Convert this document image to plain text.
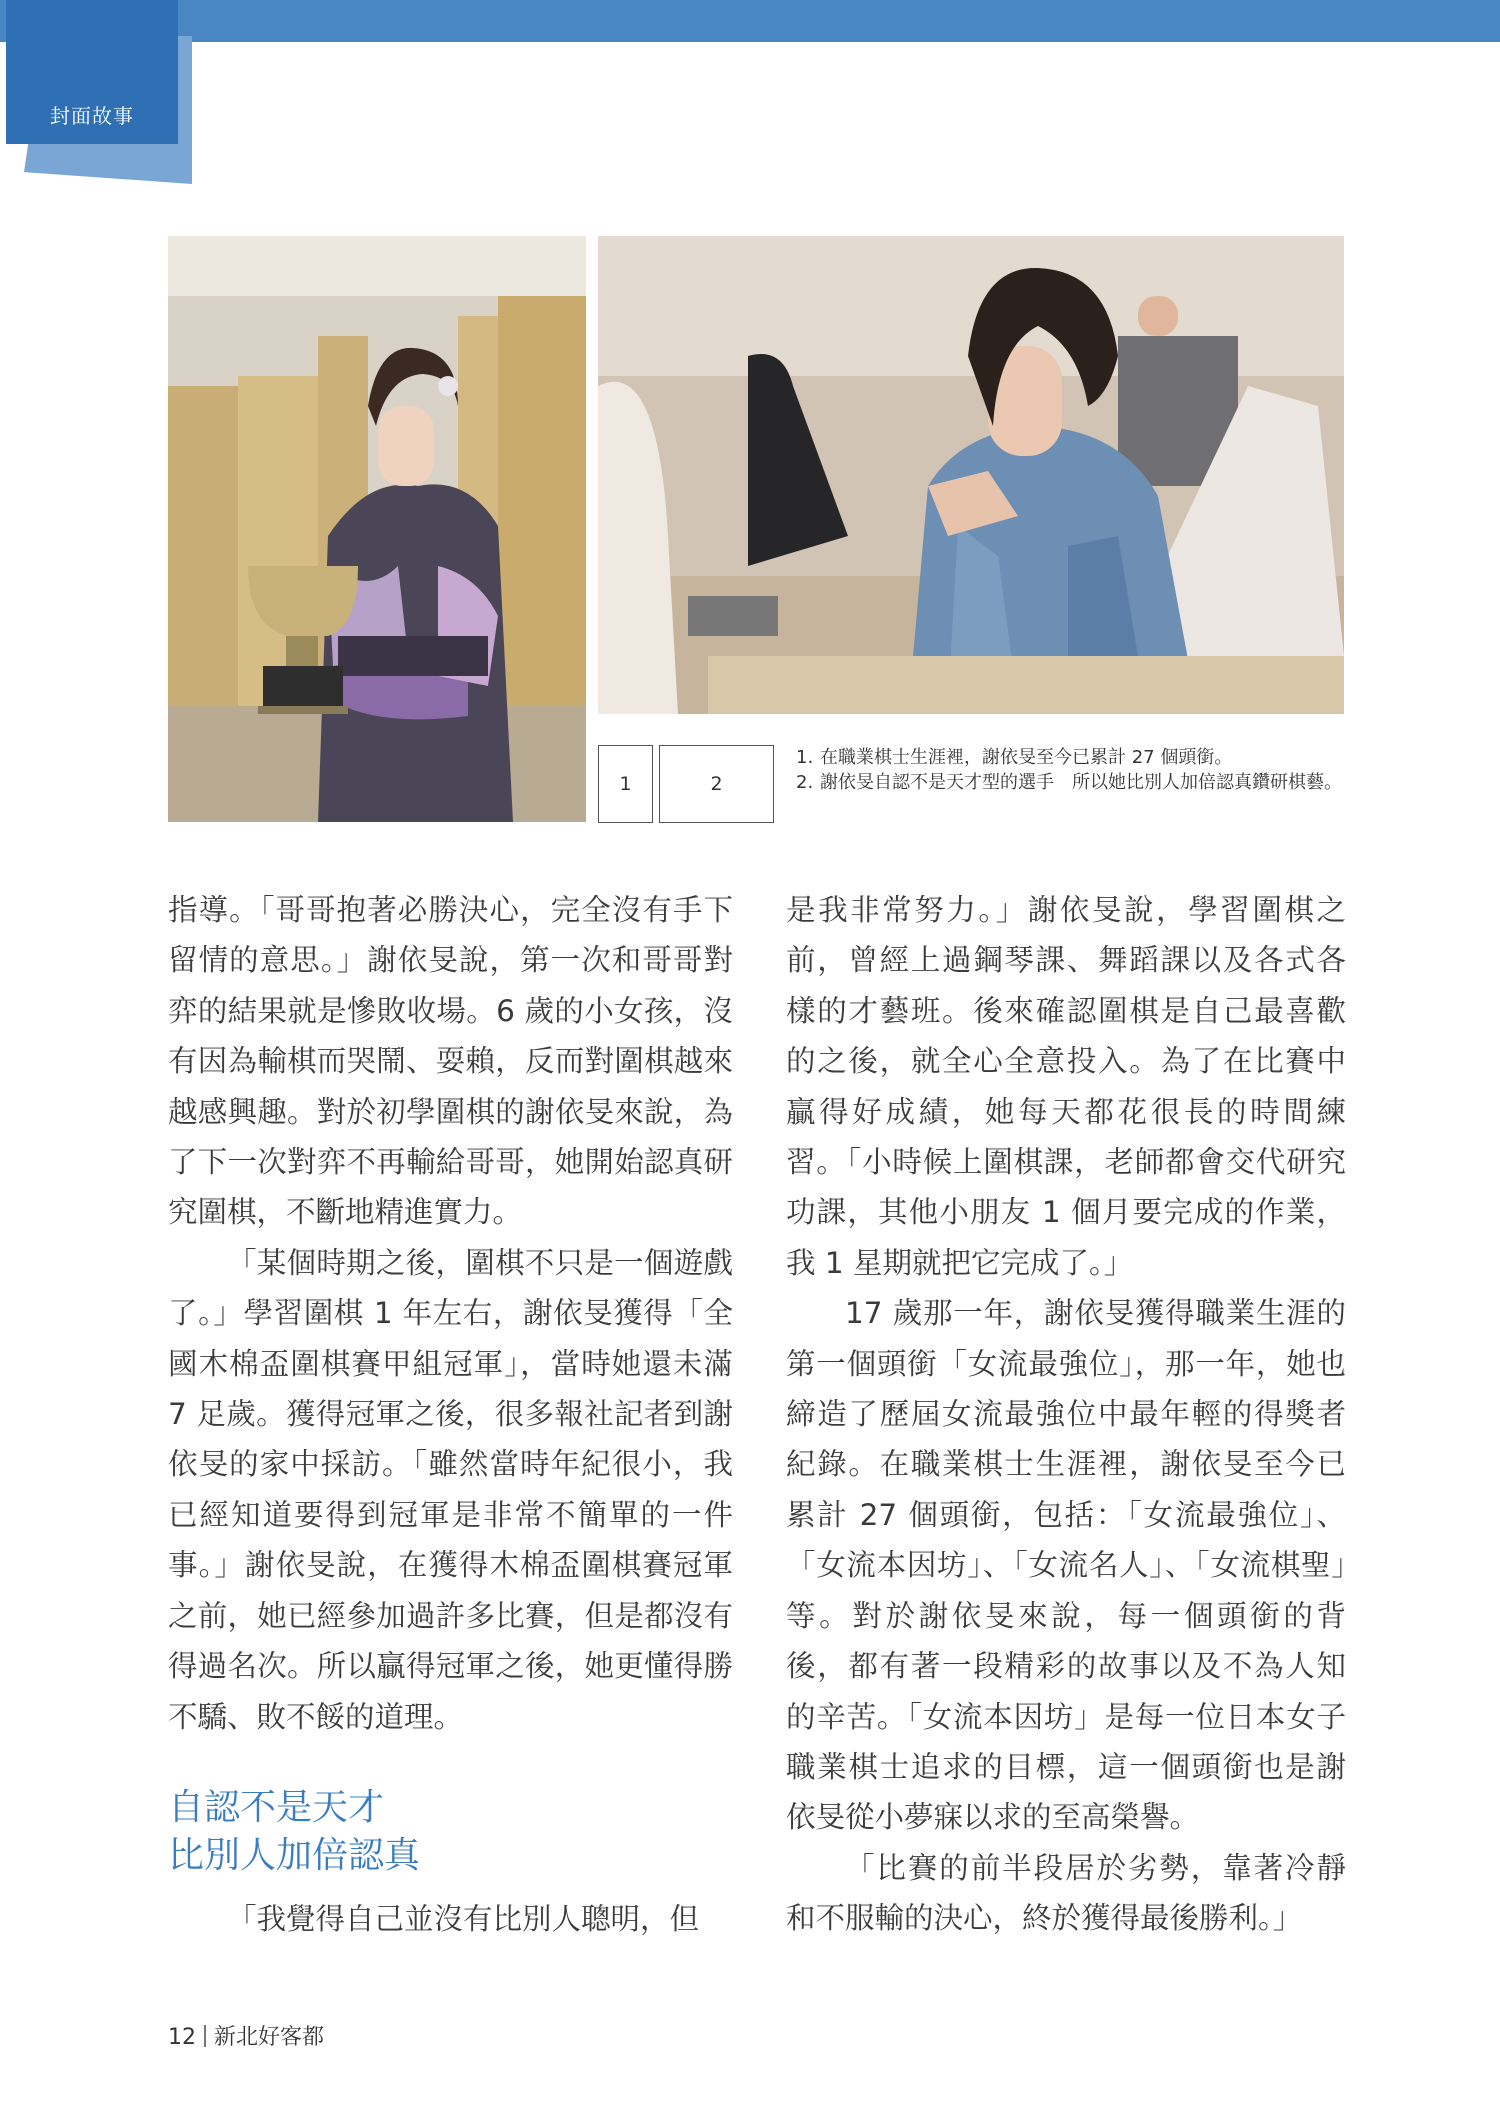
封面故事
1	2
1. 在職業棋士生涯裡，謝依旻至今已累計 27 個頭銜。
2. 謝依旻自認不是天才型的選手　所以她比別人加倍認真鑽研棋藝。

指導。「哥哥抱著必勝決心，完全沒有手下留情的意思。」謝依旻說，第一次和哥哥對弈的結果就是慘敗收場。6 歲的小女孩，沒有因為輸棋而哭鬧、耍賴，反而對圍棋越來越感興趣。對於初學圍棋的謝依旻來說，為了下一次對弈不再輸給哥哥，她開始認真研究圍棋，不斷地精進實力。

「某個時期之後，圍棋不只是一個遊戲了。」學習圍棋 1 年左右，謝依旻獲得「全國木棉盃圍棋賽甲組冠軍」，當時她還未滿 7 足歲。獲得冠軍之後，很多報社記者到謝依旻的家中採訪。「雖然當時年紀很小，我已經知道要得到冠軍是非常不簡單的一件事。」謝依旻說，在獲得木棉盃圍棋賽冠軍之前，她已經參加過許多比賽，但是都沒有得過名次。所以贏得冠軍之後，她更懂得勝不驕、敗不餒的道理。

自認不是天才
比別人加倍認真

「我覺得自己並沒有比別人聰明，但

是我非常努力。」謝依旻說，學習圍棋之前，曾經上過鋼琴課、舞蹈課以及各式各樣的才藝班。後來確認圍棋是自己最喜歡的之後，就全心全意投入。為了在比賽中贏得好成績，她每天都花很長的時間練習。「小時候上圍棋課，老師都會交代研究功課，其他小朋友 1 個月要完成的作業，我 1 星期就把它完成了。」

17 歲那一年，謝依旻獲得職業生涯的第一個頭銜「女流最強位」，那一年，她也締造了歷屆女流最強位中最年輕的得獎者紀錄。在職業棋士生涯裡，謝依旻至今已累計 27 個頭銜，包括：「女流最強位」、「女流本因坊」、「女流名人」、「女流棋聖」等。對於謝依旻來說，每一個頭銜的背後，都有著一段精彩的故事以及不為人知的辛苦。「女流本因坊」是每一位日本女子職業棋士追求的目標，這一個頭銜也是謝依旻從小夢寐以求的至高榮譽。

「比賽的前半段居於劣勢，靠著冷靜和不服輸的決心，終於獲得最後勝利。」

12 新北好客都
